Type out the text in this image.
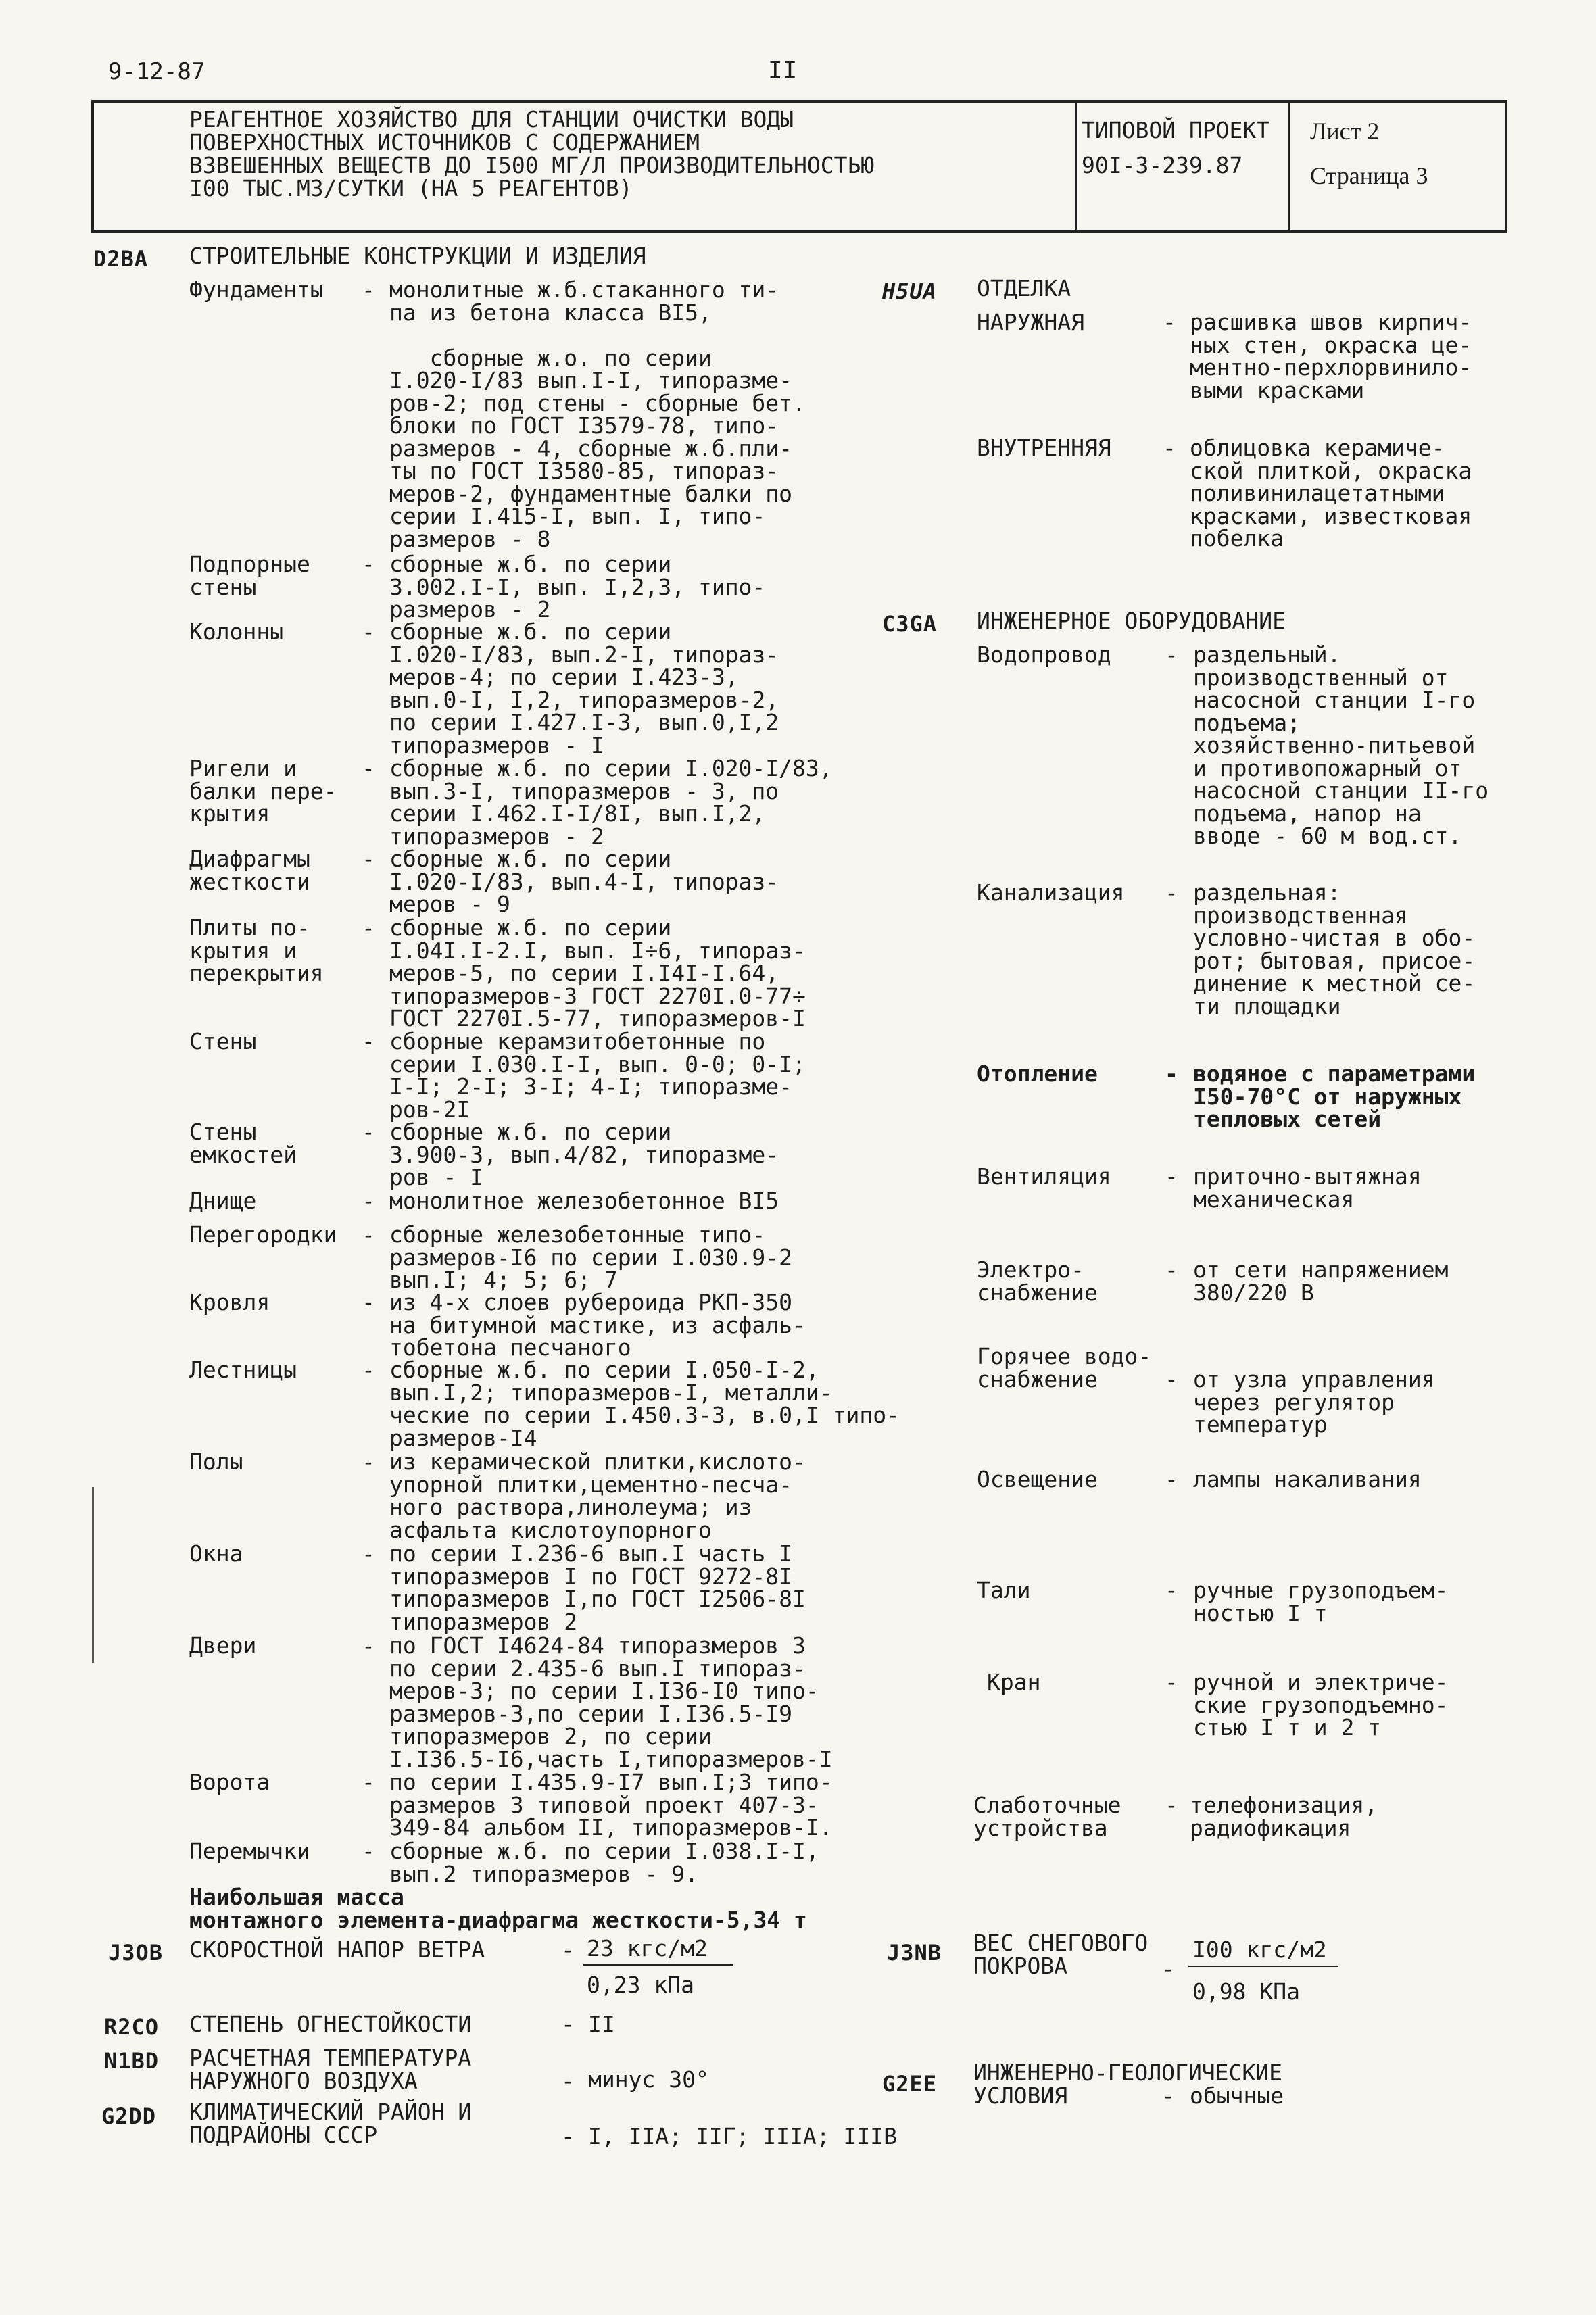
9-12-87	II
РЕАГЕНТНОЕ ХОЗЯЙСТВО ДЛЯ СТАНЦИИ ОЧИСТКИ ВОДЫ
ПОВЕРХНОСТНЫХ ИСТОЧНИКОВ С СОДЕРЖАНИЕМ
ВЗВЕШЕННЫХ ВЕЩЕСТВ ДО I500 МГ/Л ПРОИЗВОДИТЕЛЬНОСТЬЮ
I00 ТЫС.М3/СУТКИ (НА 5 РЕАГЕНТОВ)
ТИПОВОЙ ПРОЕКТ
90I-3-239.87
Лист 2
Страница 3
D2BA СТРОИТЕЛЬНЫЕ КОНСТРУКЦИИ И ИЗДЕЛИЯ
H5UA ОТДЕЛКА
НАРУЖНАЯ	- расшивка швов кирпич-
ных стен, окраска це-
ментно-перхлорвинило-
выми красками
ВНУТРЕННЯЯ - облицовка керамиче-
ской плиткой, окраска
поливинилацетатными
красками, известковая
побелка
C3GA ИНЖЕНЕРНОЕ ОБОРУДОВАНИЕ
Водопровод - раздельный.
производственный от
насосной станции I-го
подъема;
хозяйственно-питьевой
и противопожарный от
насосной станции II-го
подъема, напор на
вводе - 60 м вод.ст.
Канализация - раздельная:
производственная
условно-чистая в обо-
рот; бытовая, присое-
динение к местной се-
ти площадки
Отопление	- водяное с параметрами
I50-70°С от наружных
тепловых сетей
Вентиляция - приточно-вытяжная
механическая
Электро-
снабжение
- от сети напряжением
380/220 В
Горячее водо-
снабжение	- от узла управления
через регулятор
температур
Освещение	- лампы накаливания
Тали	- ручные грузоподъем-
ностью I т
Кран	- ручной и электриче-
ские грузоподъемно-
стью I т и 2 т
Слаботочные
устройства
- телефонизация,
радиофикация
Фундаменты - монолитные ж.б.стаканного ти-
па из бетона класса BI5,

сборные ж.о. по серии
I.020-I/83 вып.I-I, типоразме-
ров-2; под стены - сборные бет.
блоки по ГОСТ I3579-78, типо-
размеров - 4, сборные ж.б.пли-
ты по ГОСТ I3580-85, типораз-
меров-2, фундаментные балки по
серии I.415-I, вып. I, типо-
размеров - 8
Подпорные
стены
- сборные ж.б. по серии
3.002.I-I, вып. I,2,3, типо-
размеров - 2
Колонны	- сборные ж.б. по серии
I.020-I/83, вып.2-I, типораз-
меров-4; по серии I.423-3,
вып.0-I, I,2, типоразмеров-2,
по серии I.427.I-3, вып.0,I,2
типоразмеров - I
Ригели и
балки пере-
крытия
- сборные ж.б. по серии I.020-I/83,
вып.3-I, типоразмеров - 3, по
серии I.462.I-I/8I, вып.I,2,
типоразмеров - 2
Диафрагмы
жесткости
- сборные ж.б. по серии
I.020-I/83, вып.4-I, типораз-
меров - 9
Плиты по-
крытия и
перекрытия
- сборные ж.б. по серии
I.04I.I-2.I, вып. I÷6, типораз-
меров-5, по серии I.I4I-I.64,
типоразмеров-3 ГОСТ 2270I.0-77÷
ГОСТ 2270I.5-77, типоразмеров-I
Стены	- сборные керамзитобетонные по
серии I.030.I-I, вып. 0-0; 0-I;
I-I; 2-I; 3-I; 4-I; типоразме-
ров-2I
Стены
емкостей
- сборные ж.б. по серии
3.900-3, вып.4/82, типоразме-
ров - I
Днище	- монолитное железобетонное BI5
Перегородки - сборные железобетонные типо-
размеров-I6 по серии I.030.9-2
вып.I; 4; 5; 6; 7
Кровля	- из 4-х слоев рубероида РКП-350
на битумной мастике, из асфаль-
тобетона песчаного
Лестницы	- сборные ж.б. по серии I.050-I-2,
вып.I,2; типоразмеров-I, металли-
ческие по серии I.450.3-3, в.0,I типо-
размеров-I4
Полы	- из керамической плитки,кислото-
упорной плитки,цементно-песча-
ного раствора,линолеума; из
асфальта кислотоупорного
Окна	- по серии I.236-6 вып.I часть I
типоразмеров I по ГОСТ 9272-8I
типоразмеров I,по ГОСТ I2506-8I
типоразмеров 2
Двери	- по ГОСТ I4624-84 типоразмеров 3
по серии 2.435-6 вып.I типораз-
меров-3; по серии I.I36-I0 типо-
размеров-3,по серии I.I36.5-I9
типоразмеров 2, по серии
I.I36.5-I6,часть I,типоразмеров-I
Ворота	- по серии I.435.9-I7 вып.I;3 типо-
размеров 3 типовой проект 407-3-
349-84 альбом II, типоразмеров-I.
Перемычки - сборные ж.б. по серии I.038.I-I,
вып.2 типоразмеров - 9.
Наибольшая масса
монтажного элемента-диафрагма жесткости-5,34 т
J3OB СКОРОСТНОЙ НАПОР ВЕТРА	- 23 кгс/м2
0,23 кПа
J3NB ВЕС СНЕГОВОГО
ПОКРОВА	-
I00 кгс/м2
0,98 КПа
R2CO СТЕПЕНЬ ОГНЕСТОЙКОСТИ	- II
N1BD РАСЧЕТНАЯ ТЕМПЕРАТУРА
НАРУЖНОГО ВОЗДУХА	- минус 30°	G2EE ИНЖЕНЕРНО-ГЕОЛОГИЧЕСКИЕ
УСЛОВИЯ	- обычные
G2DD КЛИМАТИЧЕСКИЙ РАЙОН И
ПОДРАЙОНЫ СССР	- I, IIА; IIГ; IIIА; IIIВ
